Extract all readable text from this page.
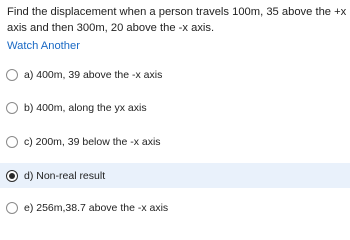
Find the displacement when a person travels 100m, 35 above the +x axis and then 300m, 20 above the -x axis.
Watch Another
a) 400m, 39 above the -x axis
b) 400m, along the yx axis
c) 200m, 39 below the -x axis
d) Non-real result
e) 256m,38.7 above the -x axis
